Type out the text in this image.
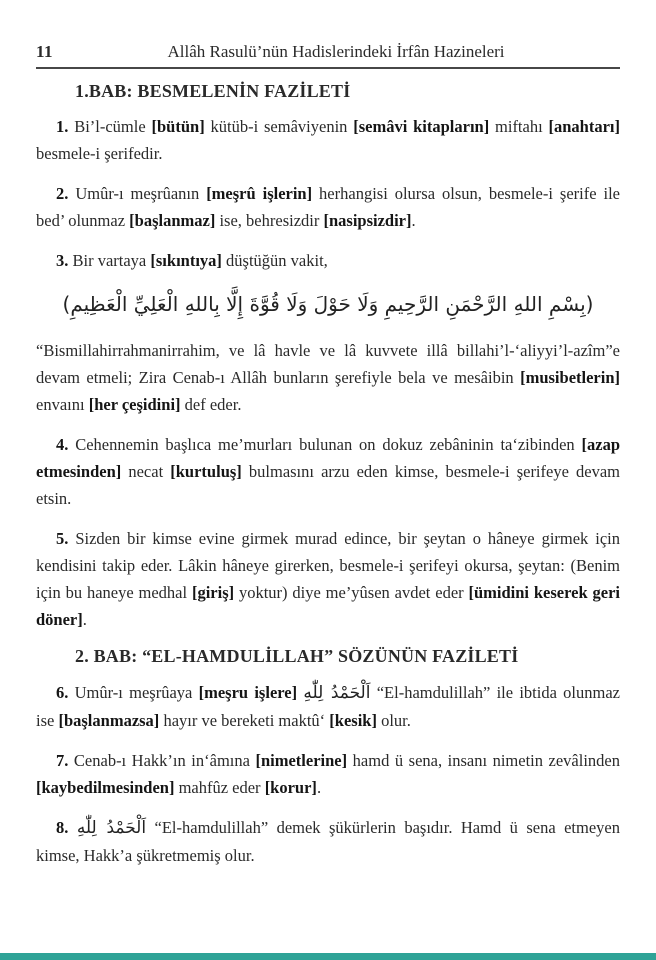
11	Allâh Rasulü’nün Hadislerindeki İrfân Hazineleri
1.BAB: BESMELENİN FAZİLETİ

1. Bi’l-cümle [bütün] kütüb-i semâviyenin [semâvi kitapların] miftahı [anahtarı] besmele-i şerifedir.

2. Umûr-ı meşrûanın [meşrû işlerin] herhangisi olursa olsun, besmele-i şerife ile bed’ olunmaz [başlanmaz] ise, behresizdir [nasipsizdir].

3. Bir vartaya [sıkıntıya] düştüğün vakit,

(بِسْمِ اللهِ الرَّحْمَنِ الرَّحِيمِ وَلَا حَوْلَ وَلَا قُوَّةَ إِلَّا بِاللهِ الْعَلِيِّ الْعَظِيمِ)

“Bismillahirrahmanirrahim, ve lâ havle ve lâ kuvvete illâ billahi’l-‘aliyyi’l-azîm”e devam etmeli; Zira Cenab-ı Allâh bunların şerefiyle bela ve mesâibin [musibetlerin] envaını [her çeşidini] def eder.

4. Cehennemin başlıca me’murları bulunan on dokuz zebâninin ta‘zibinden [azap etmesinden] necat [kurtuluş] bulmasını arzu eden kimse, besmele-i şerifeye devam etsin.

5. Sizden bir kimse evine girmek murad edince, bir şeytan o hâneye girmek için kendisini takip eder. Lâkin hâneye girerken, besmele-i şerifeyi okursa, şeytan: (Benim için bu haneye medhal [giriş] yoktur) diye me’yûsen avdet eder [ümidini keserek geri döner].

2. BAB: “EL-HAMDULİLLAH” SÖZÜNÜN FAZİLETİ

6. Umûr-ı meşrûaya [meşru işlere] اَلْحَمْدُ لِلّٰهِ “El-hamdulillah” ile ibtida olunmaz ise [başlanmazsa] hayır ve bereketi maktû‘ [kesik] olur.

7. Cenab-ı Hakk’ın in‘âmına [nimetlerine] hamd ü sena, insanı nimetin zevâlinden [kaybedilmesinden] mahfûz eder [korur].

8. اَلْحَمْدُ لِلّٰهِ “El-hamdulillah” demek şükürlerin başıdır. Hamd ü sena etmeyen kimse, Hakk’a şükretmemiş olur.
